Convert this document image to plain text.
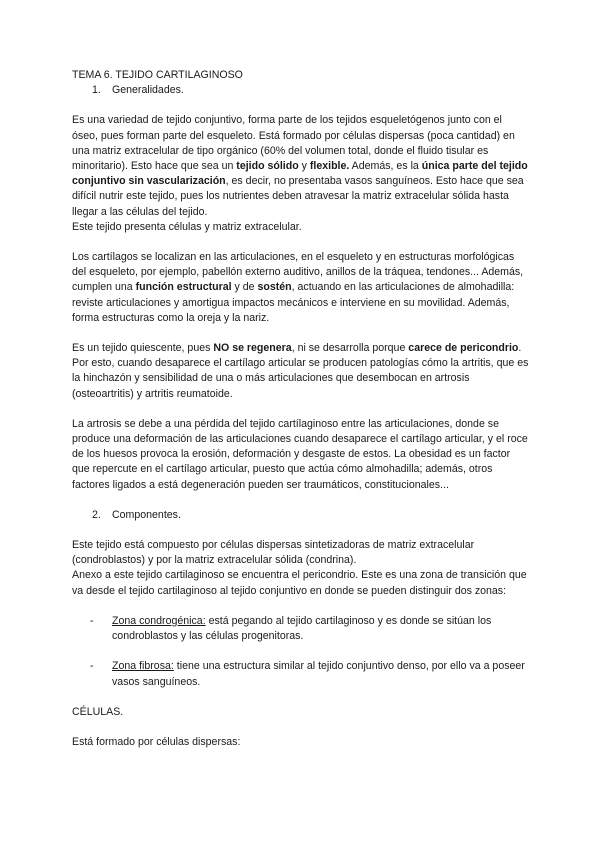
TEMA 6. TEJIDO CARTILAGINOSO

1. Generalidades.

Es una variedad de tejido conjuntivo, forma parte de los tejidos esqueletógenos junto con el óseo, pues forman parte del esqueleto. Está formado por células dispersas (poca cantidad) en una matriz extracelular de tipo orgánico (60% del volumen total, donde el fluido tisular es minoritario). Esto hace que sea un tejido sólido y flexible. Además, es la única parte del tejido conjuntivo sin vascularización, es decir, no presentaba vasos sanguíneos. Esto hace que sea difícil nutrir este tejido, pues los nutrientes deben atravesar la matriz extracelular sólida hasta llegar a las células del tejido.

Este tejido presenta células y matriz extracelular.

Los cartílagos se localizan en las articulaciones, en el esqueleto y en estructuras morfológicas del esqueleto, por ejemplo, pabellón externo auditivo, anillos de la tráquea, tendones... Además, cumplen una función estructural y de sostén, actuando en las articulaciones de almohadilla: reviste articulaciones y amortigua impactos mecánicos e interviene en su movilidad. Además, forma estructuras como la oreja y la nariz.

Es un tejido quiescente, pues NO se regenera, ni se desarrolla porque carece de pericondrio. Por esto, cuando desaparece el cartílago articular se producen patologías cómo la artritis, que es la hinchazón y sensibilidad de una o más articulaciones que desembocan en artrosis (osteoartritis) y artritis reumatoide.

La artrosis se debe a una pérdida del tejido cartílaginoso entre las articulaciones, donde se produce una deformación de las articulaciones cuando desaparece el cartílago articular, y el roce de los huesos provoca la erosión, deformación y desgaste de estos. La obesidad es un factor que repercute en el cartílago articular, puesto que actúa cómo almohadilla; además, otros factores ligados a está degeneración pueden ser traumáticos, constitucionales...

2. Componentes.

Este tejido está compuesto por células dispersas sintetizadoras de matriz extracelular (condroblastos) y por la matriz extracelular sólida (condrina).

Anexo a este tejido cartilaginoso se encuentra el pericondrio. Este es una zona de transición que va desde el tejido cartilaginoso al tejido conjuntivo en donde se pueden distinguir dos zonas:

-	Zona condrogénica: está pegando al tejido cartilaginoso y es donde se sitúan los condroblastos y las células progenitoras.
-	Zona fibrosa: tiene una estructura similar al tejido conjuntivo denso, por ello va a poseer vasos sanguíneos.

CÉLULAS.

Está formado por células dispersas:
